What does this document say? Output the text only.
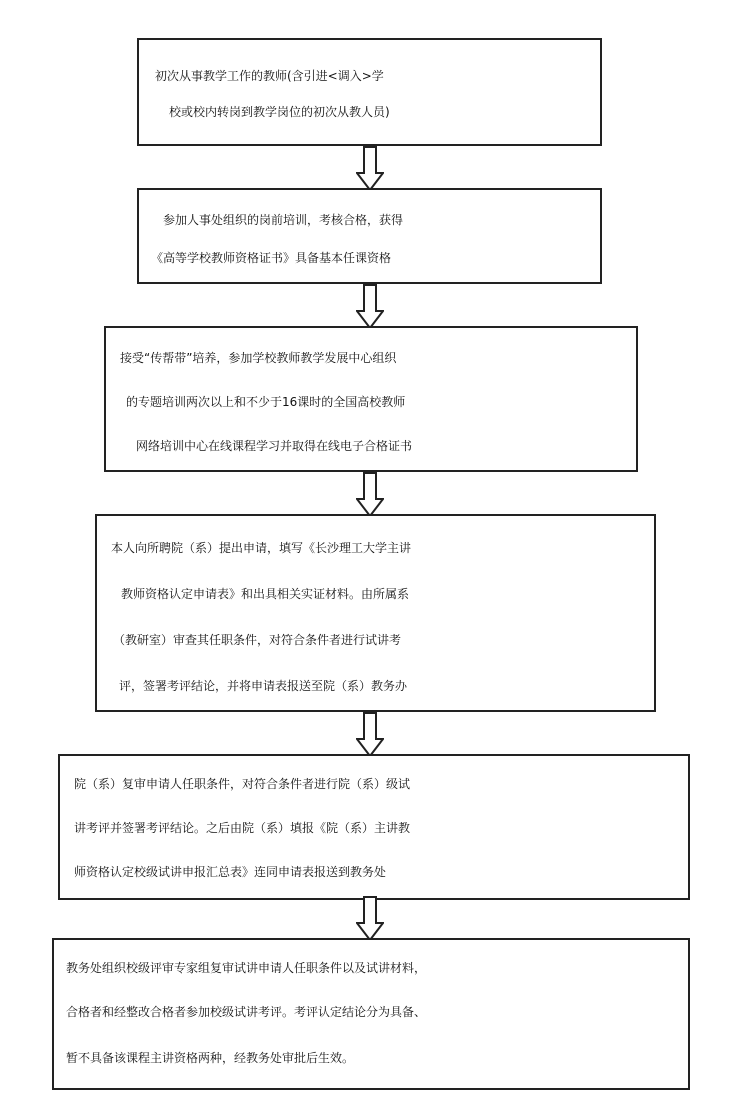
初次从事教学工作的教师(含引进<调入>学
校或校内转岗到教学岗位的初次从教人员)
参加人事处组织的岗前培训，考核合格，获得
《高等学校教师资格证书》具备基本任课资格
接受“传帮带”培养，参加学校教师教学发展中心组织
的专题培训两次以上和不少于16课时的全国高校教师
网络培训中心在线课程学习并取得在线电子合格证书
本人向所聘院（系）提出申请，填写《长沙理工大学主讲
教师资格认定申请表》和出具相关实证材料。由所属系
（教研室）审查其任职条件，对符合条件者进行试讲考
评，签署考评结论，并将申请表报送至院（系）教务办
院（系）复审申请人任职条件，对符合条件者进行院（系）级试
讲考评并签署考评结论。之后由院（系）填报《院（系）主讲教
师资格认定校级试讲申报汇总表》连同申请表报送到教务处
教务处组织校级评审专家组复审试讲申请人任职条件以及试讲材料，
合格者和经整改合格者参加校级试讲考评。考评认定结论分为具备、
暂不具备该课程主讲资格两种，经教务处审批后生效。
